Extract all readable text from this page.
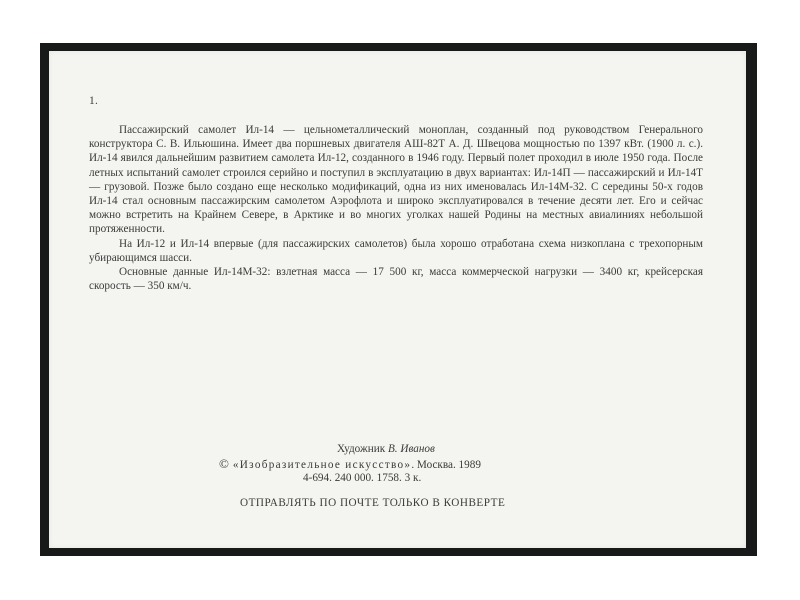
1.

Пассажирский самолет Ил-14 — цельнометаллический моноплан, созданный под руководством Генерального конструктора С. В. Ильюшина. Имеет два поршневых двигателя АШ-82Т А. Д. Швецова мощностью по 1397 кВт. (1900 л. с.). Ил-14 явился дальнейшим развитием самолета Ил-12, созданного в 1946 году. Первый полет проходил в июле 1950 года. После летных испытаний самолет строился серийно и поступил в эксплуатацию в двух вариантах: Ил-14П — пассажирский и Ил-14Т — грузовой. Позже было создано еще несколько модификаций, одна из них именовалась Ил-14М-32. С середины 50-х годов Ил-14 стал основным пассажирским самолетом Аэрофлота и широко эксплуатировался в течение десяти лет. Его и сейчас можно встретить на Крайнем Севере, в Арктике и во многих уголках нашей Родины на местных авиалиниях небольшой протяженности.

На Ил-12 и Ил-14 впервые (для пассажирских самолетов) была хорошо отработана схема низкоплана с трехопорным убирающимся шасси.

Основные данные Ил-14М-32: взлетная масса — 17 500 кг, масса коммерческой нагрузки — 3400 кг, крейсерская скорость — 350 км/ч.

Художник В. Иванов
© «Изобразительное искусство». Москва. 1989
4-694. 240 000. 1758. 3 к.
ОТПРАВЛЯТЬ ПО ПОЧТЕ ТОЛЬКО В КОНВЕРТЕ
